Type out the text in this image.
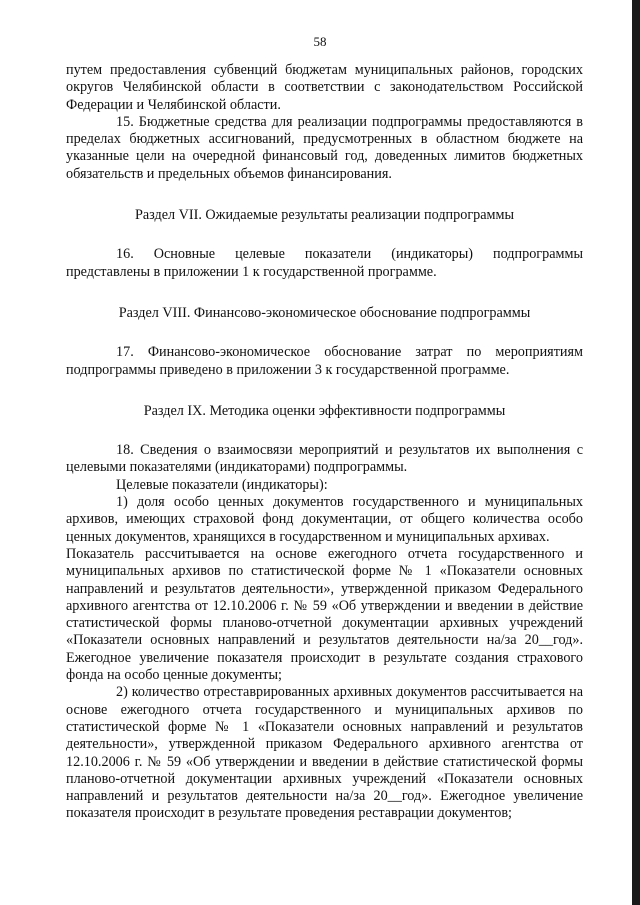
58

путем предоставления субвенций бюджетам муниципальных районов, городских округов Челябинской области в соответствии с законодательством Российской Федерации и Челябинской области.

15. Бюджетные средства для реализации подпрограммы предоставляются в пределах бюджетных ассигнований, предусмотренных в областном бюджете на указанные цели на очередной финансовый год, доведенных лимитов бюджетных обязательств и предельных объемов финансирования.

Раздел VII. Ожидаемые результаты реализации подпрограммы

16. Основные целевые показатели (индикаторы) подпрограммы представлены в приложении 1 к государственной программе.

Раздел VIII. Финансово-экономическое обоснование подпрограммы

17. Финансово-экономическое обоснование затрат по мероприятиям подпрограммы приведено в приложении 3 к государственной программе.

Раздел IX. Методика оценки эффективности подпрограммы

18. Сведения о взаимосвязи мероприятий и результатов их выполнения с целевыми показателями (индикаторами) подпрограммы.

Целевые показатели (индикаторы):

1) доля особо ценных документов государственного и муниципальных архивов, имеющих страховой фонд документации, от общего количества особо ценных документов, хранящихся в государственном и муниципальных архивах.

Показатель рассчитывается на основе ежегодного отчета государственного и муниципальных архивов по статистической форме № 1 «Показатели основных направлений и результатов деятельности», утвержденной приказом Федерального архивного агентства от 12.10.2006 г. № 59 «Об утверждении и введении в действие статистической формы планово-отчетной документации архивных учреждений «Показатели основных направлений и результатов деятельности на/за 20__год». Ежегодное увеличение показателя происходит в результате создания страхового фонда на особо ценные документы;

2) количество отреставрированных архивных документов рассчитывается на основе ежегодного отчета государственного и муниципальных архивов по статистической форме № 1 «Показатели основных направлений и результатов деятельности», утвержденной приказом Федерального архивного агентства от 12.10.2006 г. № 59 «Об утверждении и введении в действие статистической формы планово-отчетной документации архивных учреждений «Показатели основных направлений и результатов деятельности на/за 20__год». Ежегодное увеличение показателя происходит в результате проведения реставрации документов;
